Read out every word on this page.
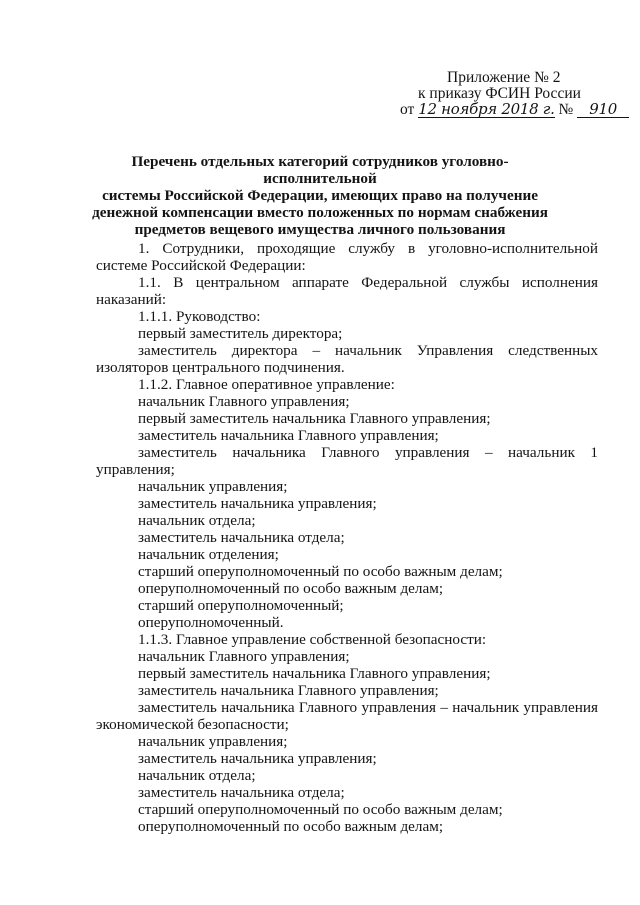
Приложение № 2
к приказу ФСИН России
от 12 ноября 2018 г. № 910
Перечень отдельных категорий сотрудников уголовно-исполнительной
системы Российской Федерации, имеющих право на получение
денежной компенсации вместо положенных по нормам снабжения
предметов вещевого имущества личного пользования

1. Сотрудники, проходящие службу в уголовно-исполнительной системе Российской Федерации:

1.1. В центральном аппарате Федеральной службы исполнения наказаний:

1.1.1. Руководство:

первый заместитель директора;

заместитель директора – начальник Управления следственных изоляторов центрального подчинения.

1.1.2. Главное оперативное управление:

начальник Главного управления;

первый заместитель начальника Главного управления;

заместитель начальника Главного управления;

заместитель начальника Главного управления – начальник 1 управления;

начальник управления;

заместитель начальника управления;

начальник отдела;

заместитель начальника отдела;

начальник отделения;

старший оперуполномоченный по особо важным делам;

оперуполномоченный по особо важным делам;

старший оперуполномоченный;

оперуполномоченный.

1.1.3. Главное управление собственной безопасности:

начальник Главного управления;

первый заместитель начальника Главного управления;

заместитель начальника Главного управления;

заместитель начальника Главного управления – начальник управления экономической безопасности;

начальник управления;

заместитель начальника управления;

начальник отдела;

заместитель начальника отдела;

старший оперуполномоченный по особо важным делам;

оперуполномоченный по особо важным делам;
